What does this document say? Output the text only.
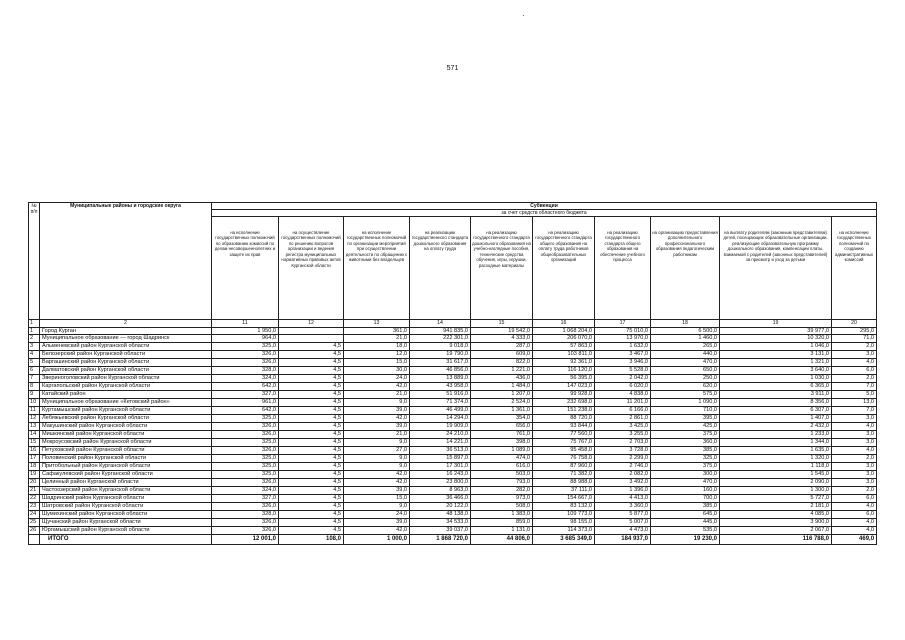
571
№
п/п	Муниципальные районы и городские округа	Субвенции									
		за счет средств областного бюджета									
		на исполнение государственных полномочий по образованию комиссий по делам несовершеннолетних и защите их прав	на осуществление государственных полномочий по решению вопросов организации и ведения регистра муниципальных нормативных правовых актов Курганской области	на исполнение государственных полномочий по организации мероприятий при осуществлении деятельности по обращению с животными без владельцев	на реализацию государственного стандарта дошкольного образования на оплату труда	на реализацию государственного стандарта дошкольного образования на учебно-наглядные пособия, технические средства обучения, игры, игрушки, расходные материалы	на реализацию государственного стандарта общего образования на оплату труда работников общеобразовательных организаций	на реализацию государственного стандарта общего образования на обеспечение учебного процесса	на организацию предоставления дополнительного профессионального образования педагогическим работникам	на выплату родителям (законным представителям) детей, посещающих образовательные организации, реализующие образовательную программу дошкольного образования, компенсации платы, взимаемой с родителей (законных представителей) за присмотр и уход за детьми	на исполнение государственных полномочий по созданию административных комиссий
1	2	11	12	13	14	15	16	17	18	19	20
1	Город Курган	1 950,0		361,0	941 835,0	19 542,0	1 068 204,0	75 010,0	6 500,0	39 977,0	295,0
2	Муниципальное образование — город Шадринск	964,0		21,0	222 301,0	4 333,0	206 070,0	13 970,0	1 460,0	10 320,0	71,0
3	Альменевский район Курганской области	325,0	4,5	18,0	9 018,0	287,0	57 863,0	1 632,0	265,0	1 046,0	2,0
4	Белозерский район Курганской области	326,0	4,5	12,0	19 790,0	609,0	103 811,0	3 467,0	440,0	3 131,0	3,0
5	Варгашинский район Курганской области	326,0	4,5	15,0	31 617,0	822,0	92 361,0	3 946,0	470,0	1 321,0	4,0
6	Далматовский район Курганской области	328,0	4,5	30,0	46 856,0	1 221,0	116 120,0	5 528,0	650,0	3 640,0	6,0
7	Звериноголовский район Курганской области	324,0	4,5	24,0	13 889,0	436,0	56 395,0	2 042,0	250,0	1 030,0	2,0
8	Каргапольский район Курганской области	642,0	4,5	42,0	43 958,0	1 484,0	147 023,0	6 020,0	620,0	6 365,0	7,0
9	Катайский район	327,0	4,5	21,0	51 916,0	1 207,0	99 928,0	4 838,0	575,0	3 911,0	5,0
10	Муниципальное образование «Кетовский район»	961,0	4,5	9,0	71 374,0	2 524,0	232 698,0	11 201,0	1 090,0	8 356,0	13,0
11	Куртамышский район Курганской области	642,0	4,5	39,0	46 499,0	1 361,0	151 238,0	6 166,0	710,0	6 307,0	7,0
12	Лебяжьевский район Курганской области	325,0	4,5	42,0	14 294,0	354,0	88 720,0	2 861,0	395,0	1 407,0	3,0
13	Макушинский район Курганской области	326,0	4,5	39,0	19 909,0	656,0	93 844,0	3 425,0	425,0	2 432,0	4,0
14	Мишкинский район Курганской области	326,0	4,5	21,0	24 210,0	761,0	77 560,0	3 255,0	375,0	1 233,0	3,0
15	Мокроусовский район Курганской области	325,0	4,5	9,0	14 221,0	398,0	75 767,0	2 703,0	360,0	1 344,0	3,0
16	Петуховский район Курганской области	326,0	4,5	27,0	36 513,0	1 089,0	95 458,0	3 728,0	385,0	1 635,0	4,0
17	Половинский район Курганской области	325,0	4,5	9,0	15 897,0	474,0	76 758,0	2 299,0	325,0	1 320,0	2,0
18	Притобольный район Курганской области	325,0	4,5	9,0	17 301,0	616,0	87 960,0	2 746,0	375,0	1 118,0	3,0
19	Сафакулевский район Курганской области	325,0	4,5	42,0	16 243,0	503,0	71 382,0	2 082,0	300,0	1 545,0	3,0
20	Целинный район Курганской области	326,0	4,5	42,0	23 800,0	793,0	88 988,0	3 492,0	470,0	2 090,0	3,0
21	Частоозерский район Курганской области	324,0	4,5	39,0	8 963,0	282,0	37 111,0	1 396,0	160,0	1 300,0	2,0
22	Шадринский район Курганской области	327,0	4,5	15,0	36 466,0	973,0	154 667,0	4 413,0	700,0	5 727,0	6,0
23	Шатровский район Курганской области	326,0	4,5	9,0	20 122,0	508,0	83 132,0	3 360,0	385,0	2 181,0	4,0
24	Шумихинский район Курганской области	328,0	4,5	24,0	48 138,0	1 383,0	109 773,0	5 877,0	645,0	4 085,0	6,0
25	Щучанский район Курганской области	326,0	4,5	39,0	34 533,0	859,0	98 155,0	5 007,0	445,0	3 900,0	4,0
26	Юргамышский район Курганской области	326,0	4,5	42,0	39 037,0	1 131,0	114 373,0	4 473,0	535,0	2 067,0	4,0
	ИТОГО	12 001,0	108,0	1 000,0	1 868 720,0	44 806,0	3 685 349,0	184 937,0	19 230,0	116 788,0	469,0
